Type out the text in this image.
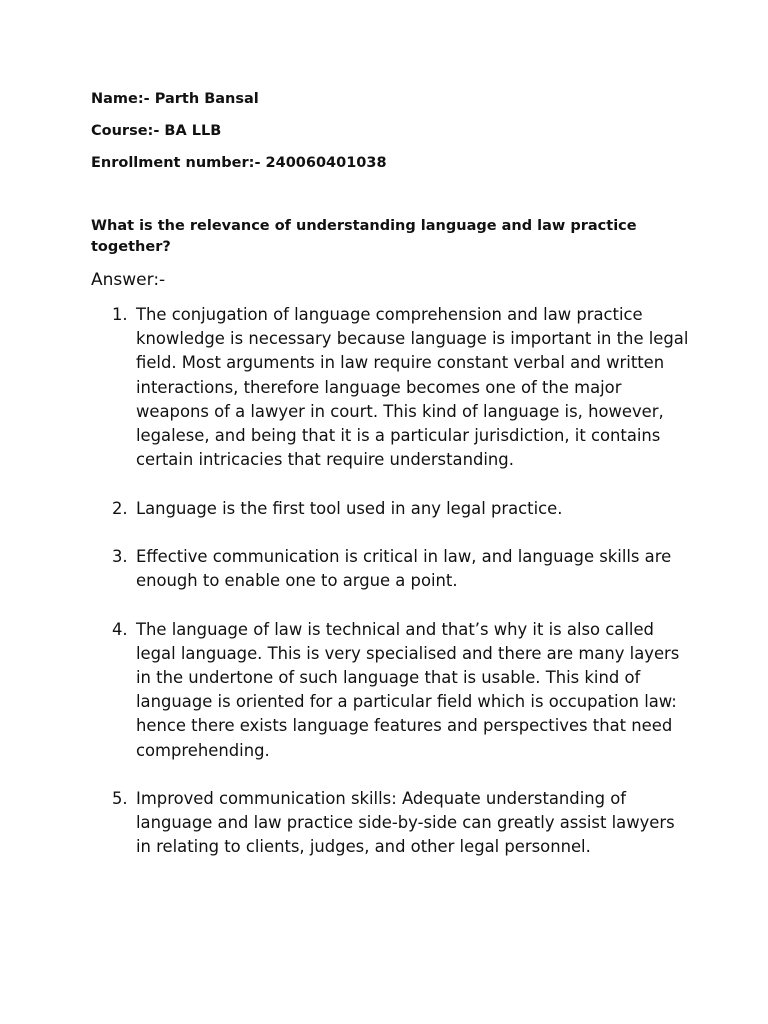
Name:- Parth Bansal
Course:- BA LLB
Enrollment number:- 240060401038
What is the relevance of understanding language and law practice together?
Answer:-
1. The conjugation of language comprehension and law practice knowledge is necessary because language is important in the legal field. Most arguments in law require constant verbal and written interactions, therefore language becomes one of the major weapons of a lawyer in court. This kind of language is, however, legalese, and being that it is a particular jurisdiction, it contains certain intricacies that require understanding.
2. Language is the first tool used in any legal practice.
3. Effective communication is critical in law, and language skills are enough to enable one to argue a point.
4. The language of law is technical and that’s why it is also called legal language. This is very specialised and there are many layers in the undertone of such language that is usable. This kind of language is oriented for a particular field which is occupation law: hence there exists language features and perspectives that need comprehending.
5. Improved communication skills: Adequate understanding of language and law practice side-by-side can greatly assist lawyers in relating to clients, judges, and other legal personnel.
